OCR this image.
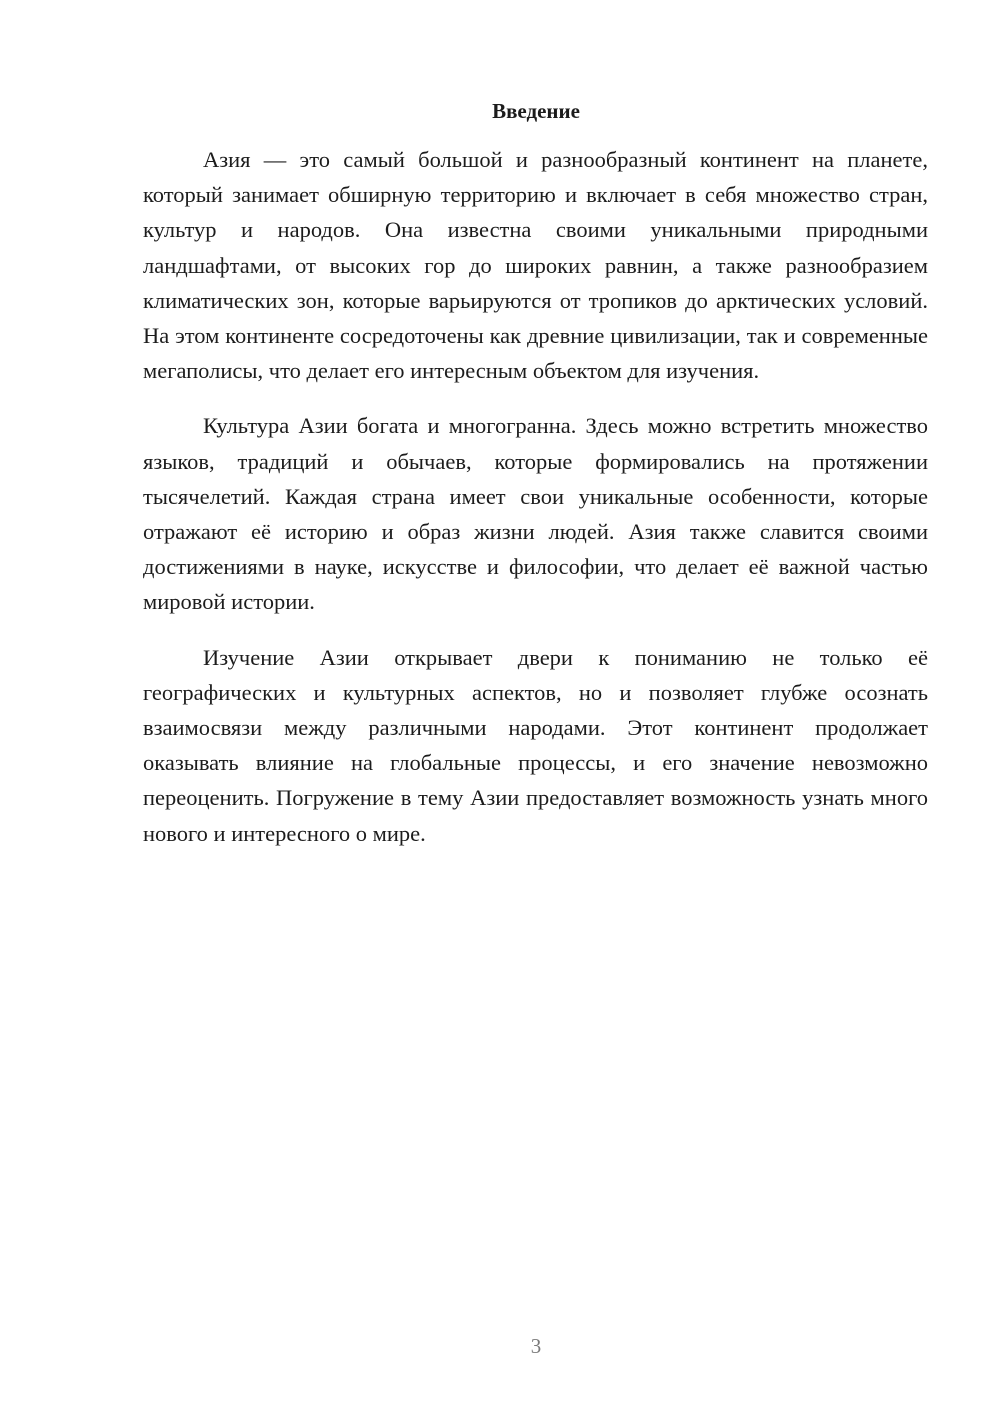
Введение

Азия — это самый большой и разнообразный континент на планете, который занимает обширную территорию и включает в себя множество стран, культур и народов. Она известна своими уникальными природными ландшафтами, от высоких гор до широких равнин, а также разнообразием климатических зон, которые варьируются от тропиков до арктических условий. На этом континенте сосредоточены как древние цивилизации, так и современные мегаполисы, что делает его интересным объектом для изучения.

Культура Азии богата и многогранна. Здесь можно встретить множество языков, традиций и обычаев, которые формировались на протяжении тысячелетий. Каждая страна имеет свои уникальные особенности, которые отражают её историю и образ жизни людей. Азия также славится своими достижениями в науке, искусстве и философии, что делает её важной частью мировой истории.

Изучение Азии открывает двери к пониманию не только её географических и культурных аспектов, но и позволяет глубже осознать взаимосвязи между различными народами. Этот континент продолжает оказывать влияние на глобальные процессы, и его значение невозможно переоценить. Погружение в тему Азии предоставляет возможность узнать много нового и интересного о мире.

3
